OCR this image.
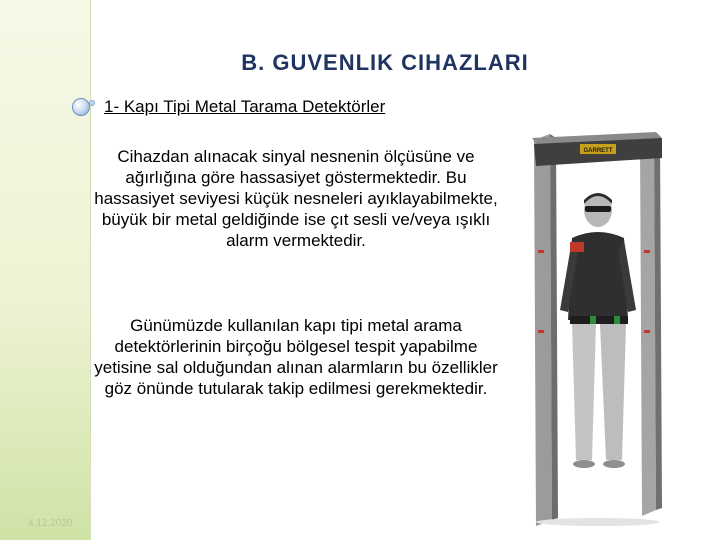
B. GUVENLIK CIHAZLARI
1- Kapı Tipi Metal Tarama Detektörler
Cihazdan alınacak sinyal nesnenin ölçüsüne ve ağırlığına göre hassasiyet göstermektedir. Bu hassasiyet seviyesi küçük nesneleri ayıklayabilmekte, büyük bir metal geldiğinde ise çıt sesli ve/veya ışıklı alarm vermektedir.
Günümüzde kullanılan kapı tipi metal arama detektörlerinin birçoğu bölgesel tespit yapabilme yetisine sal olduğundan alınan alarmların bu özellikler göz önünde tutularak takip edilmesi gerekmektedir.
4.12.2020
GARRETT
